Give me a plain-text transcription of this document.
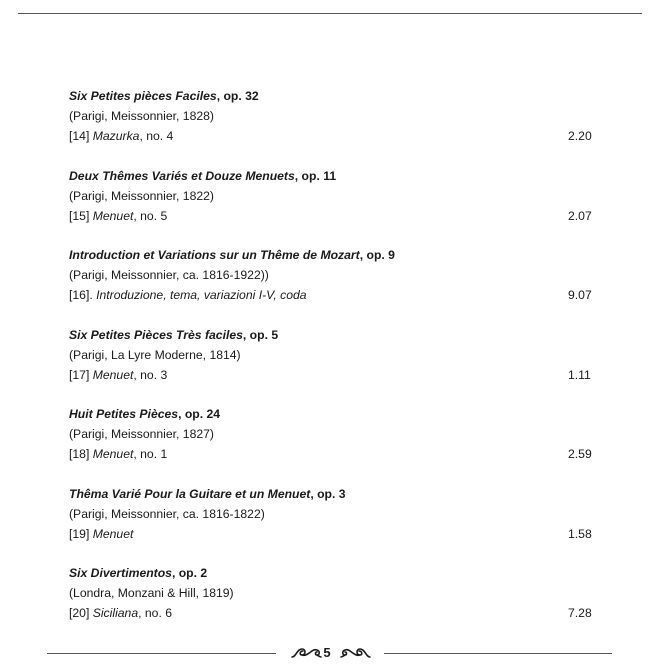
Six Petites pièces Faciles, op. 32
(Parigi, Meissonnier, 1828)
[14] Mazurka, no. 4	2.20
Deux Thêmes Variés et Douze Menuets, op. 11
(Parigi, Meissonnier, 1822)
[15] Menuet, no. 5	2.07
Introduction et Variations sur un Thême de Mozart, op. 9
(Parigi, Meissonnier, ca. 1816-1922))
[16]. Introduzione, tema, variazioni I-V, coda	9.07
Six Petites Pièces Très faciles, op. 5
(Parigi, La Lyre Moderne, 1814)
[17] Menuet, no. 3	1.11
Huit Petites Pièces, op. 24
(Parigi, Meissonnier, 1827)
[18] Menuet, no. 1	2.59
Thêma Varié Pour la Guitare et un Menuet, op. 3
(Parigi, Meissonnier, ca. 1816-1822)
[19] Menuet	1.58
Six Divertimentos, op. 2
(Londra, Monzani & Hill, 1819)
[20] Siciliana, no. 6	7.28
5
